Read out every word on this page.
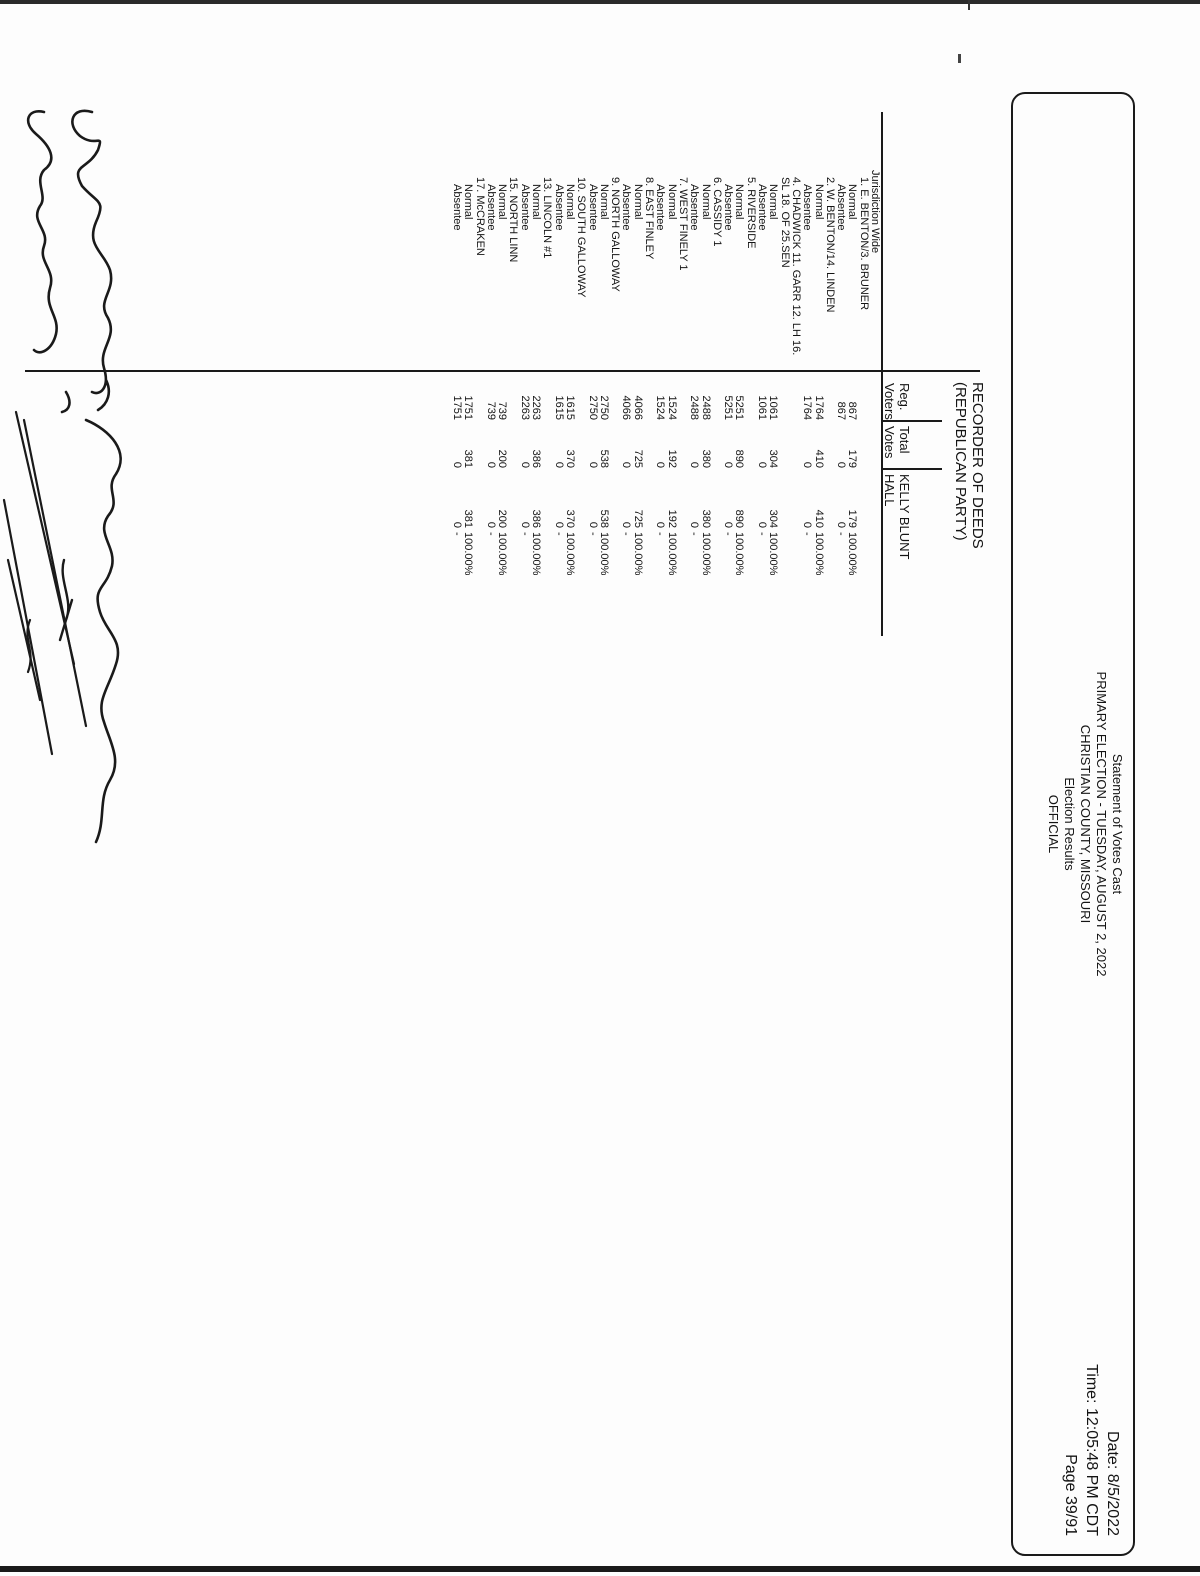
Statement of Votes Cast
PRIMARY ELECTION - TUESDAY, AUGUST 2, 2022
CHRISTIAN COUNTY, MISSOURI
Election Results
OFFICIAL
Date: 8/5/2022
Time: 12:05:48 PM CDT
Page 39/91
RECORDER OF DEEDS
(REPUBLICAN PARTY)
Reg.
Voters
Total
Votes
KELLY BLUNT
HALL
Jurisdiction Wide
1. E. BENTON/3. BRUNER
Normal
867
179
179
100.00%
Absentee
867
0
0
-
2. W. BENTON/14. LINDEN
Normal
1764
410
410
100.00%
Absentee
1764
0
0
-
4. CHADWICK 11. GARR 12. LH 16.
SL 18. OF 25.SEN
Normal
1061
304
304
100.00%
Absentee
1061
0
0
-
5. RIVERSIDE
Normal
5251
890
890
100.00%
Absentee
5251
0
0
-
6. CASSIDY 1
Normal
2488
380
380
100.00%
Absentee
2488
0
0
-
7. WEST FINELY 1
Normal
1524
192
192
100.00%
Absentee
1524
0
0
-
8. EAST FINLEY
Normal
4066
725
725
100.00%
Absentee
4066
0
0
-
9. NORTH GALLOWAY
Normal
2750
538
538
100.00%
Absentee
2750
0
0
-
10. SOUTH GALLOWAY
Normal
1615
370
370
100.00%
Absentee
1615
0
0
-
13. LINCOLN #1
Normal
2263
386
386
100.00%
Absentee
2263
0
0
-
15. NORTH LINN
Normal
739
200
200
100.00%
Absentee
739
0
0
-
17. McCRAKEN
Normal
1751
381
381
100.00%
Absentee
1751
0
0
-
